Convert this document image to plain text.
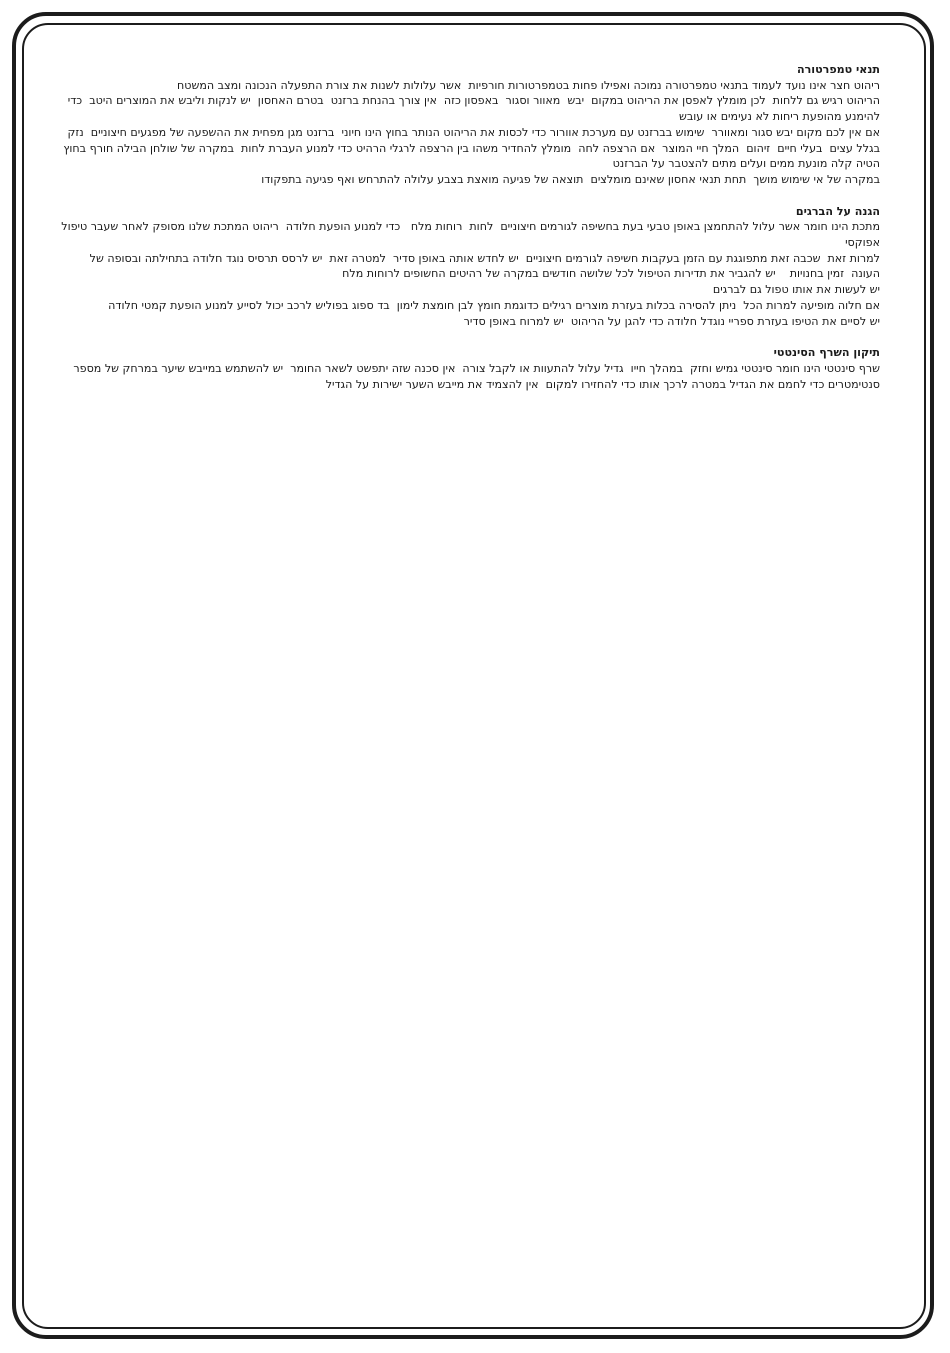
תנאי טמפרטורה

ריהוט חצר אינו נועד לעמוד בתנאי טמפרטורה נמוכה ואפילו פחות בטמפרטורות חורפיות  אשר עלולות לשנות את צורת התפעלה הנכונה ומצב המשטח

הריהוט רגיש גם ללחות  לכן מומלץ לאפסן את הריהוט במקום  יבש  מאוור וסגור  באפסון כזה  אין צורך בהנחת ברזנט  בטרם האחסון  יש לנקות וליבש את המוצרים היטב  כדי להימנע מהופעת ריחות לא נעימים או עובש

אם אין לכם מקום יבש סגור ומאוורר  שימוש בברזנט עם מערכת אוורור כדי לכסות את הריהוט הנותר בחוץ הינו חיוני  ברזנט מגן מפחית את ההשפעה של מפגעים חיצוניים  נזק בגלל עצים  בעלי חיים  זיהום  המלך חיי המוצר  אם הרצפה לחה  מומלץ להחדיר משהו בין הרצפה לרגלי הרהיט כדי למנוע העברת לחות  במקרה של שולחן הבילה חורף בחוץ  הטיה קלה מונעת ממים ועלים מתים להצטבר על הברזנט

במקרה של אי שימוש מושך  תחת תנאי אחסון שאינם מומלצים  תוצאה של פגיעה מואצת בצבע עלולה להתרחש ואף פגיעה בתפקודו

הגנה על הברגים

מתכת הינו חומר אשר עלול להתחמצן באופן טבעי בעת בחשיפה לגורמים חיצוניים  לחות  רוחות מלח   כדי למנוע הופעת חלודה  ריהוט המתכת שלנו מסופק לאחר שעבר טיפול אפוקסי

למרות זאת  שכבה זאת מתפוגגת עם הזמן בעקבות חשיפה לגורמים חיצוניים  יש לחדש אותה באופן סדיר  למטרה זאת  יש לרסס תרסיס נוגד חלודה בתחילתה ובסופה של העונה  זמין בחנויות    יש להגביר את תדירות הטיפול לכל שלושה חודשים במקרה של רהיטים החשופים לרוחות מלח

יש לעשות את אותו טפול גם לברגים

אם חלוה מופיעה למרות הכל  ניתן להסירה בכלות בעזרת מוצרים רגילים כדוגמת חומץ לבן חומצת לימון  בד ספוג בפוליש לרכב יכול לסייע למנוע הופעת קמטי חלודה

יש לסיים את הטיפו בעזרת ספריי נוגדל חלודה כדי להגן על הריהוט  יש למרוח באופן סדיר

תיקון השרף הסינטטי

שרף סינטטי הינו חומר סינטטי גמיש וחזק  במהלך חייו  גדיל עלול להתעוות או לקבל צורה  אין סכנה שזה יתפשט לשאר החומר  יש להשתמש במייבש שיער במרחק של מספר סנטימטרים כדי לחמם את הגדיל במטרה לרכך אותו כדי להחזירו למקום  אין להצמיד את מייבש השער ישירות על הגדיל
